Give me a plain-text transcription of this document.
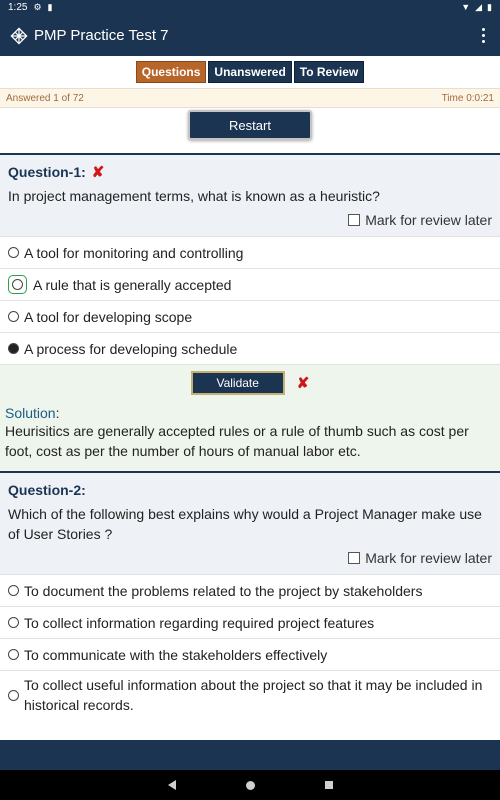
1:25 ⚙ ▮	▼ ◢ ▮
PMP Practice Test 7
Questions	Unanswered	To Review
Answered 1 of 72	Time 0:0:21
Restart
Question-1: ✘
In project management terms, what is known as a heuristic?
Mark for review later
A tool for monitoring and controlling
A rule that is generally accepted
A tool for developing scope
A process for developing schedule
Validate	✘
Solution:
Heurisitics are generally accepted rules or a rule of thumb such as cost per foot, cost as per the number of hours of manual labor etc.
Question-2:
Which of the following best explains why would a Project Manager make use of User Stories ?
Mark for review later
To document the problems related to the project by stakeholders
To collect information regarding required project features
To communicate with the stakeholders effectively
To collect useful information about the project so that it may be included in historical records.
